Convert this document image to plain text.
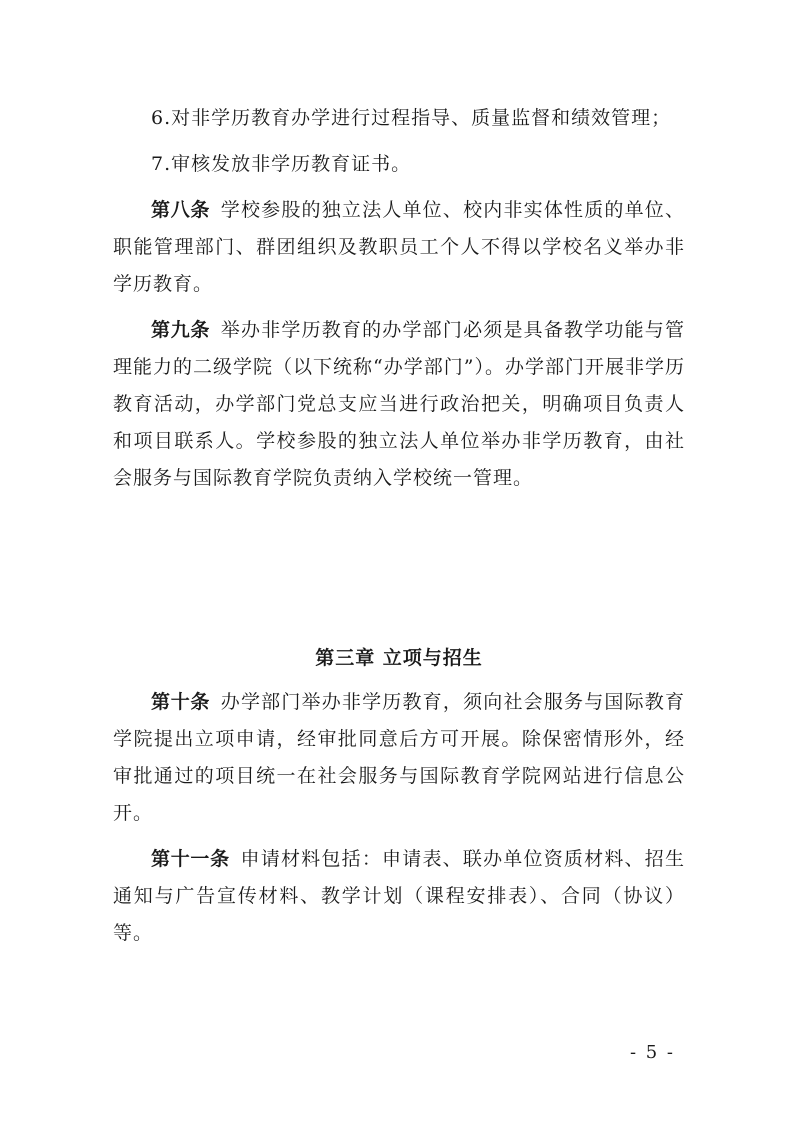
6.对非学历教育办学进行过程指导、质量监督和绩效管理；

7.审核发放非学历教育证书。

第八条  学校参股的独立法人单位、校内非实体性质的单位、职能管理部门、群团组织及教职员工个人不得以学校名义举办非学历教育。

第九条  举办非学历教育的办学部门必须是具备教学功能与管理能力的二级学院（以下统称“办学部门”）。办学部门开展非学历教育活动，办学部门党总支应当进行政治把关，明确项目负责人和项目联系人。学校参股的独立法人单位举办非学历教育，由社会服务与国际教育学院负责纳入学校统一管理。

第三章 立项与招生

第十条  办学部门举办非学历教育，须向社会服务与国际教育学院提出立项申请，经审批同意后方可开展。除保密情形外，经审批通过的项目统一在社会服务与国际教育学院网站进行信息公开。

第十一条  申请材料包括：申请表、联办单位资质材料、招生通知与广告宣传材料、教学计划（课程安排表）、合同（协议）等。

- 5 -
